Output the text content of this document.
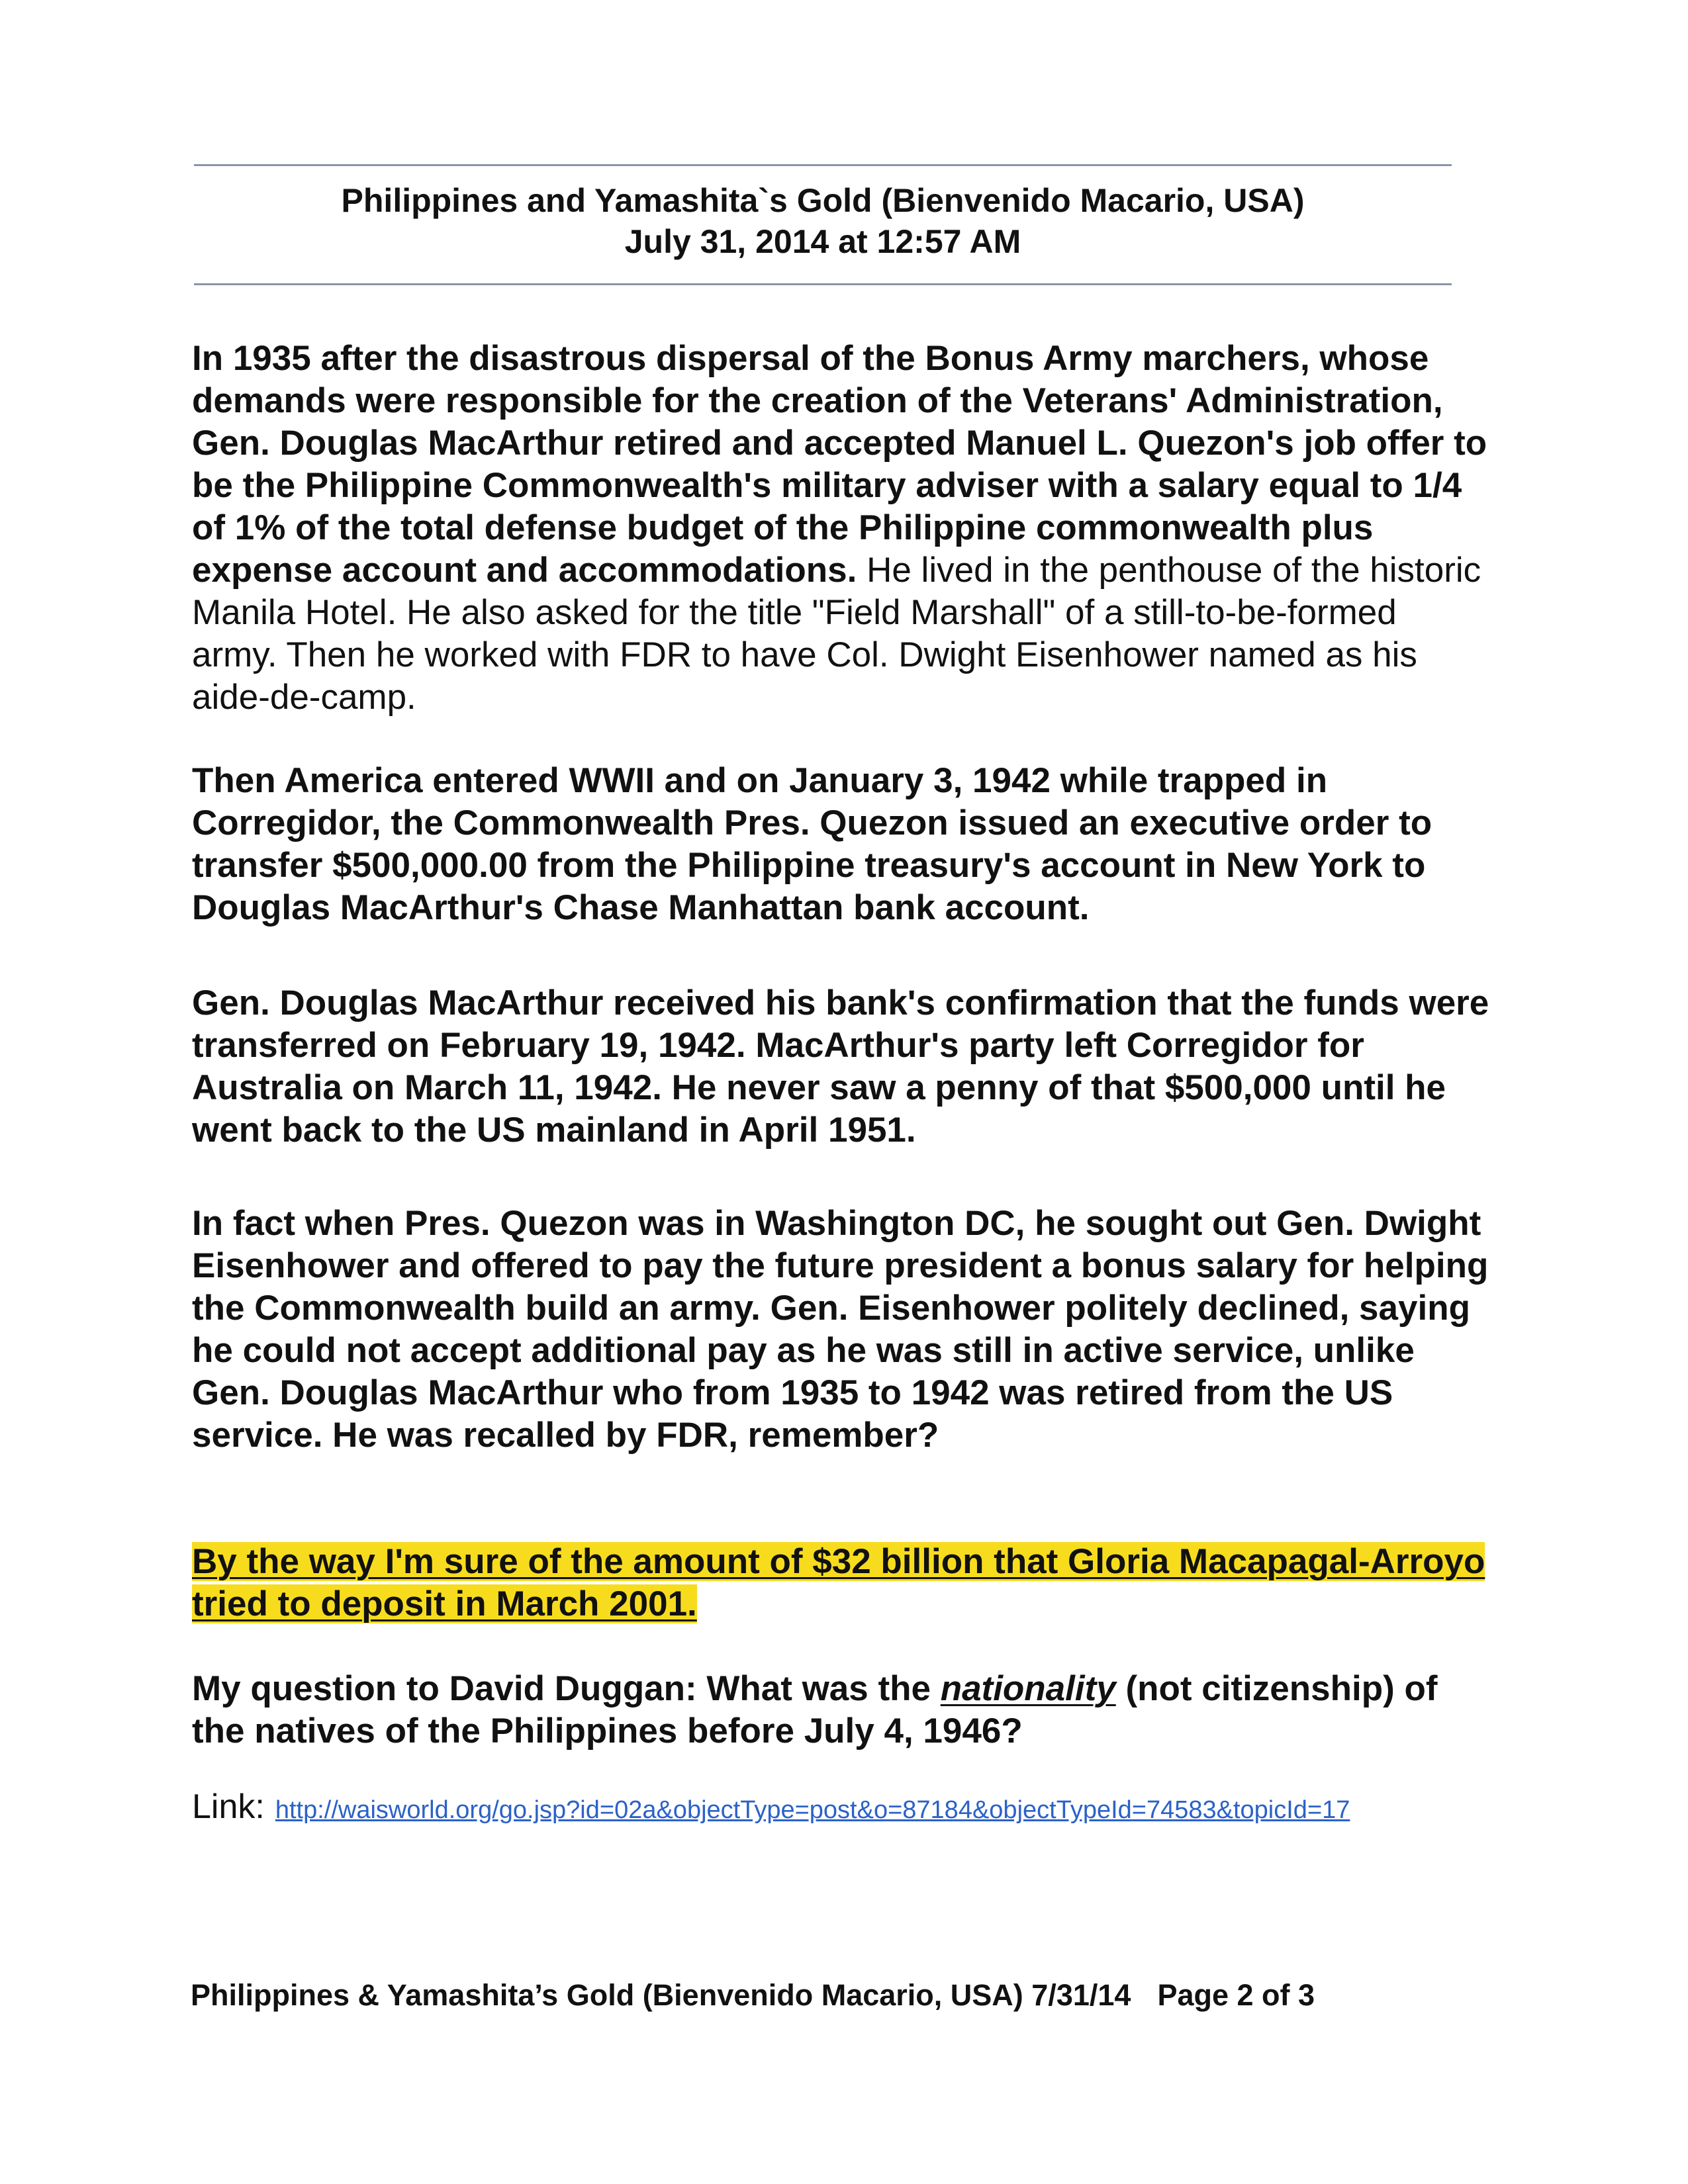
Philippines and Yamashita`s Gold (Bienvenido Macario, USA)
July 31, 2014 at 12:57 AM
In 1935 after the disastrous dispersal of the Bonus Army marchers, whose demands were responsible for the creation of the Veterans' Administration, Gen. Douglas MacArthur retired and accepted Manuel L. Quezon's job offer to be the Philippine Commonwealth's military adviser with a salary equal to 1/4 of 1% of the total defense budget of the Philippine commonwealth plus expense account and accommodations. He lived in the penthouse of the historic Manila Hotel. He also asked for the title "Field Marshall" of a still-to-be-formed army. Then he worked with FDR to have Col. Dwight Eisenhower named as his aide-de-camp.
Then America entered WWII and on January 3, 1942 while trapped in Corregidor, the Commonwealth Pres. Quezon issued an executive order to transfer $500,000.00 from the Philippine treasury's account in New York to Douglas MacArthur's Chase Manhattan bank account.
Gen. Douglas MacArthur received his bank's confirmation that the funds were transferred on February 19, 1942. MacArthur's party left Corregidor for Australia on March 11, 1942. He never saw a penny of that $500,000 until he went back to the US mainland in April 1951.
In fact when Pres. Quezon was in Washington DC, he sought out Gen. Dwight Eisenhower and offered to pay the future president a bonus salary for helping the Commonwealth build an army. Gen. Eisenhower politely declined, saying he could not accept additional pay as he was still in active service, unlike Gen. Douglas MacArthur who from 1935 to 1942 was retired from the US service. He was recalled by FDR, remember?
By the way I'm sure of the amount of $32 billion that Gloria Macapagal-Arroyo tried to deposit in March 2001.
My question to David Duggan: What was the nationality (not citizenship) of the natives of the Philippines before July 4, 1946?
Link: http://waisworld.org/go.jsp?id=02a&objectType=post&o=87184&objectTypeId=74583&topicId=17
Philippines & Yamashita’s Gold (Bienvenido Macario, USA) 7/31/14 Page 2 of 3
